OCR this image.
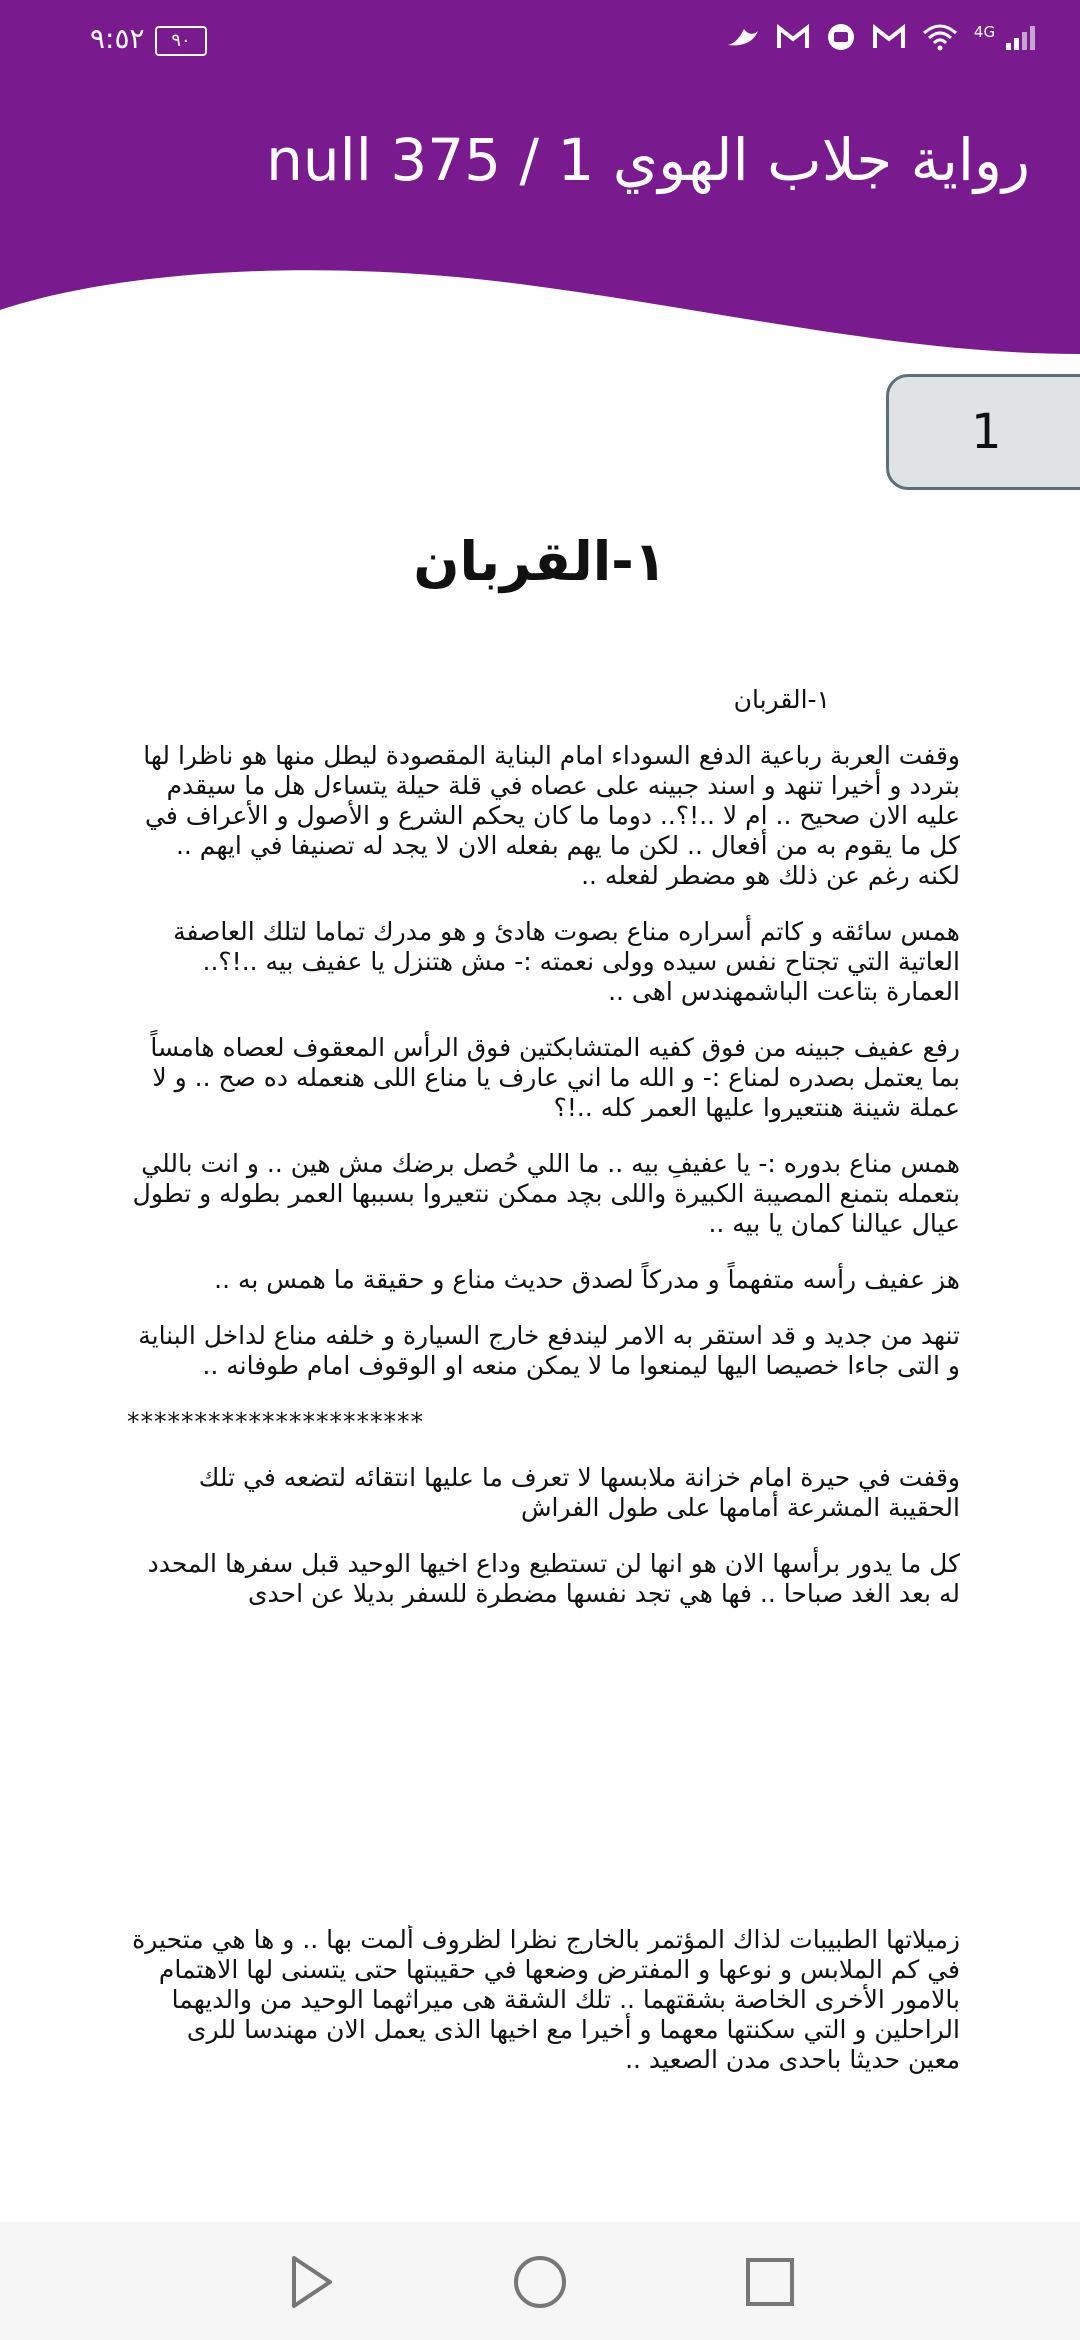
٩:٥٢	٩٠	4G
رواية جلاب الهوي 1 / 375 null
1
١-القربان

١-القربان

وقفت العربة رباعية الدفع السوداء امام البناية المقصودة ليطل منها هو ناظرا لها بتردد و أخيرا تنهد و اسند جبينه على عصاه في قلة حيلة يتساءل هل ما سيقدم عليه الان صحيح .. ام لا ..!؟.. دوما ما كان يحكم الشرع و الأصول و الأعراف في كل ما يقوم به من أفعال .. لكن ما يهم بفعله الان لا يجد له تصنيفا في ايهم .. لكنه رغم عن ذلك هو مضطر لفعله ..

همس سائقه و كاتم أسراره مناع بصوت هادئ و هو مدرك تماما لتلك العاصفة العاتية التي تجتاح نفس سيده وولى نعمته :- مش هتنزل يا عفيف بيه ..!؟.. العمارة بتاعت الباشمهندس اهى ..

رفع عفيف جبينه من فوق كفيه المتشابكتين فوق الرأس المعقوف لعصاه هامساً بما يعتمل بصدره لمناع :- و الله ما اني عارف يا مناع اللى هنعمله ده صح .. و لا عملة شينة هنتعيروا عليها العمر كله ..!؟

همس مناع بدوره :- يا عفيفِ بيه .. ما اللي حُصل برضك مش هين .. و انت باللي بتعمله بتمنع المصيبة الكبيرة واللى بچد ممكن نتعيروا بسببها العمر بطوله و تطول عيال عيالنا كمان يا بيه ..

هز عفيف رأسه متفهماً و مدركاً لصدق حديث مناع و حقيقة ما همس به ..

تنهد من جديد و قد استقر به الامر ليندفع خارج السيارة و خلفه مناع لداخل البناية و التى جاءا خصيصا اليها ليمنعوا ما لا يمكن منعه او الوقوف امام طوفانه ..

**********************

وقفت في حيرة امام خزانة ملابسها لا تعرف ما عليها انتقائه لتضعه في تلك الحقيبة المشرعة أمامها على طول الفراش

كل ما يدور برأسها الان هو انها لن تستطيع وداع اخيها الوحيد قبل سفرها المحدد له بعد الغد صباحا .. فها هي تجد نفسها مضطرة للسفر بديلا عن احدى

زميلاتها الطبيبات لذاك المؤتمر بالخارج نظرا لظروف ألمت بها .. و ها هي متحيرة في كم الملابس و نوعها و المفترض وضعها في حقيبتها حتى يتسنى لها الاهتمام بالامور الأخرى الخاصة بشقتهما .. تلك الشقة هى ميراثهما الوحيد من والديهما الراحلين و التي سكنتها معهما و أخيرا مع اخيها الذى يعمل الان مهندسا للرى معين حديثا باحدى مدن الصعيد ..
